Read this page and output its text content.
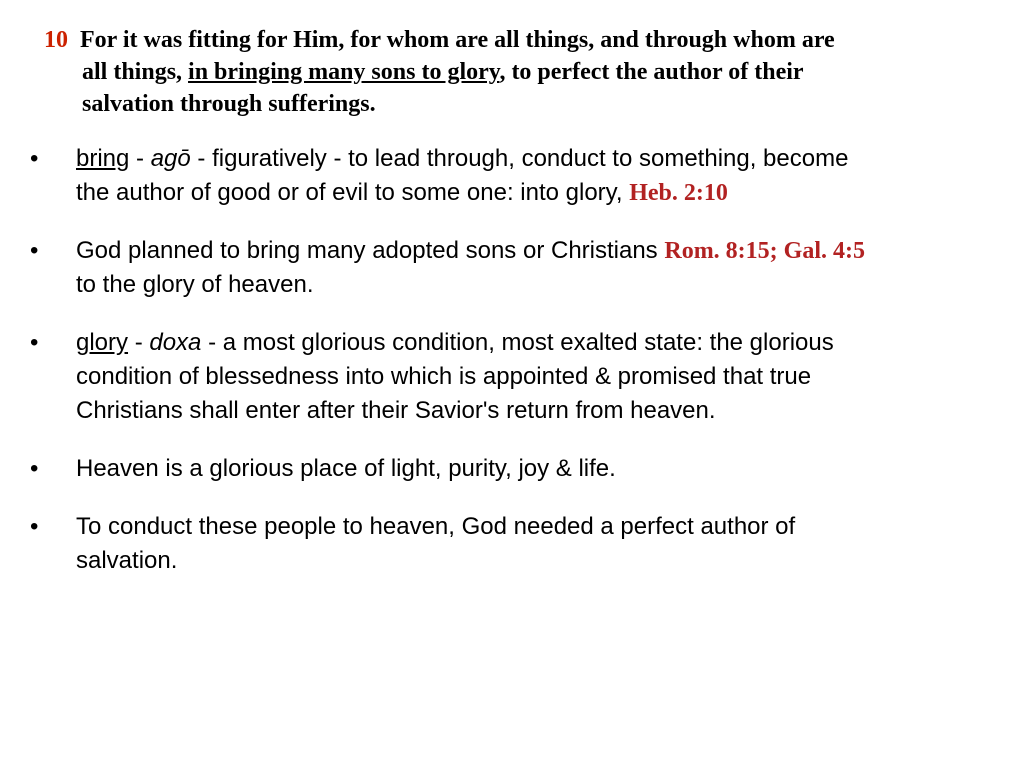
10 For it was fitting for Him, for whom are all things, and through whom are
all things, in bringing many sons to glory, to perfect the author of their
salvation through sufferings.
•	bring - agō - figuratively - to lead through, conduct to something, become
the author of good or of evil to some one: into glory, Heb. 2:10
•	God planned to bring many adopted sons or Christians Rom. 8:15; Gal. 4:5
to the glory of heaven.
•	glory - doxa - a most glorious condition, most exalted state: the glorious
condition of blessedness into which is appointed & promised that true
Christians shall enter after their Savior's return from heaven.
•	Heaven is a glorious place of light, purity, joy & life.
•	To conduct these people to heaven, God needed a perfect author of
salvation.
